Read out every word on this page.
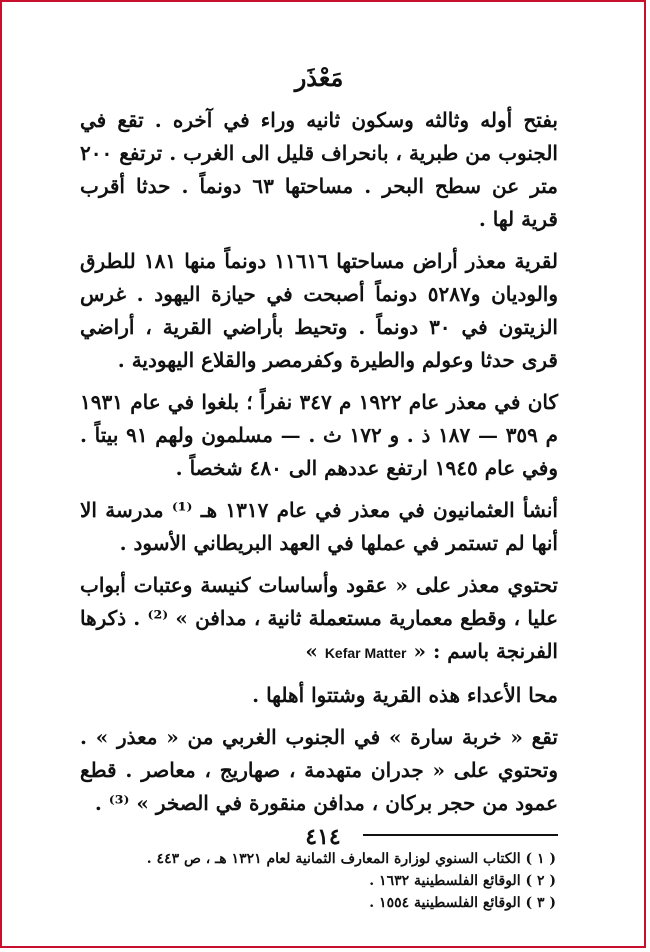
مَعْذَر

بفتح أوله وثالثه وسكون ثانيه وراء في آخره . تقع في الجنوب من طبرية ، بانحراف قليل الى الغرب . ترتفع ٢٠٠ متر عن سطح البحر . مساحتها ٦٣ دونماً . حدثا أقرب قرية لها .

لقرية معذر أراض مساحتها ١١٦١٦ دونماً منها ١٨١ للطرق والوديان و٥٢٨٧ دونماً أصبحت في حيازة اليهود . غرس الزيتون في ٣٠ دونماً . وتحيط بأراضي القرية ، أراضي قرى حدثا وعولم والطيرة وكفرمصر والقلاع اليهودية .

كان في معذر عام ١٩٢٢ م ٣٤٧ نفراً ؛ بلغوا في عام ١٩٣١ م ٣٥٩ — ١٨٧ ذ . و ١٧٢ ث . — مسلمون ولهم ٩١ بيتاً . وفي عام ١٩٤٥ ارتفع عددهم الى ٤٨٠ شخصاً .

أنشأ العثمانيون في معذر في عام ١٣١٧ هـ ⁽¹⁾ مدرسة الا أنها لم تستمر في عملها في العهد البريطاني الأسود .

تحتوي معذر على « عقود وأساسات كنيسة وعتبات أبواب عليا ، وقطع معمارية مستعملة ثانية ، مدافن » ⁽²⁾ . ذكرها الفرنجة باسم : « Kefar Matter »

محا الأعداء هذه القرية وشتتوا أهلها .

تقع « خربة سارة » في الجنوب الغربي من « معذر » . وتحتوي على « جدران متهدمة ، صهاريج ، معاصر . قطع عمود من حجر بركان ، مدافن منقورة في الصخر » ⁽³⁾ .

( ١ ) الكتاب السنوي لوزارة المعارف الثمانية لعام ١٣٢١ هـ ، ص ٤٤٣ .

( ٢ ) الوقائع الفلسطينية ١٦٣٢ .

( ٣ ) الوقائع الفلسطينية ١٥٥٤ .

٤١٤
